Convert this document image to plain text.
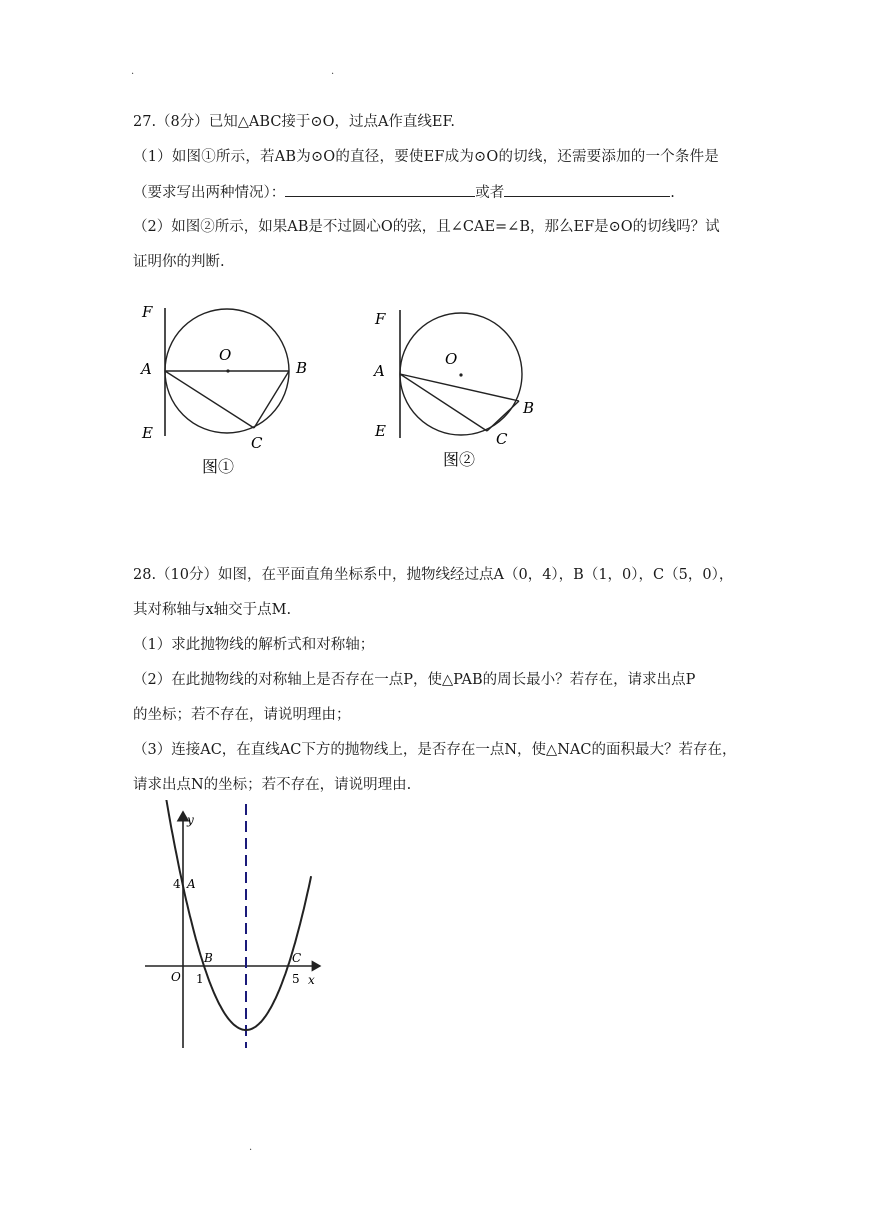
.	.
27.（8分）已知△ABC接于⊙O，过点A作直线EF.
（1）如图①所示，若AB为⊙O的直径，要使EF成为⊙O的切线，还需要添加的一个条件是
（要求写出两种情况）：	或者	.
（2）如图②所示，如果AB是不过圆心O的弦，且∠CAE=∠B，那么EF是⊙O的切线吗？试
证明你的判断.
F
A
E
O
B
C
图①
F
A
E
O
B
C
图②
28.（10分）如图，在平面直角坐标系中，抛物线经过点A（0，4），B（1，0），C（5，0），
其对称轴与x轴交于点M.
（1）求此抛物线的解析式和对称轴；
（2）在此抛物线的对称轴上是否存在一点P，使△PAB的周长最小？若存在，请求出点P
的坐标；若不存在，请说明理由；
（3）连接AC，在直线AC下方的抛物线上，是否存在一点N，使△NAC的面积最大？若存在，
请求出点N的坐标；若不存在，请说明理由.
y
x
O
A
4
B
1
C
5
.
